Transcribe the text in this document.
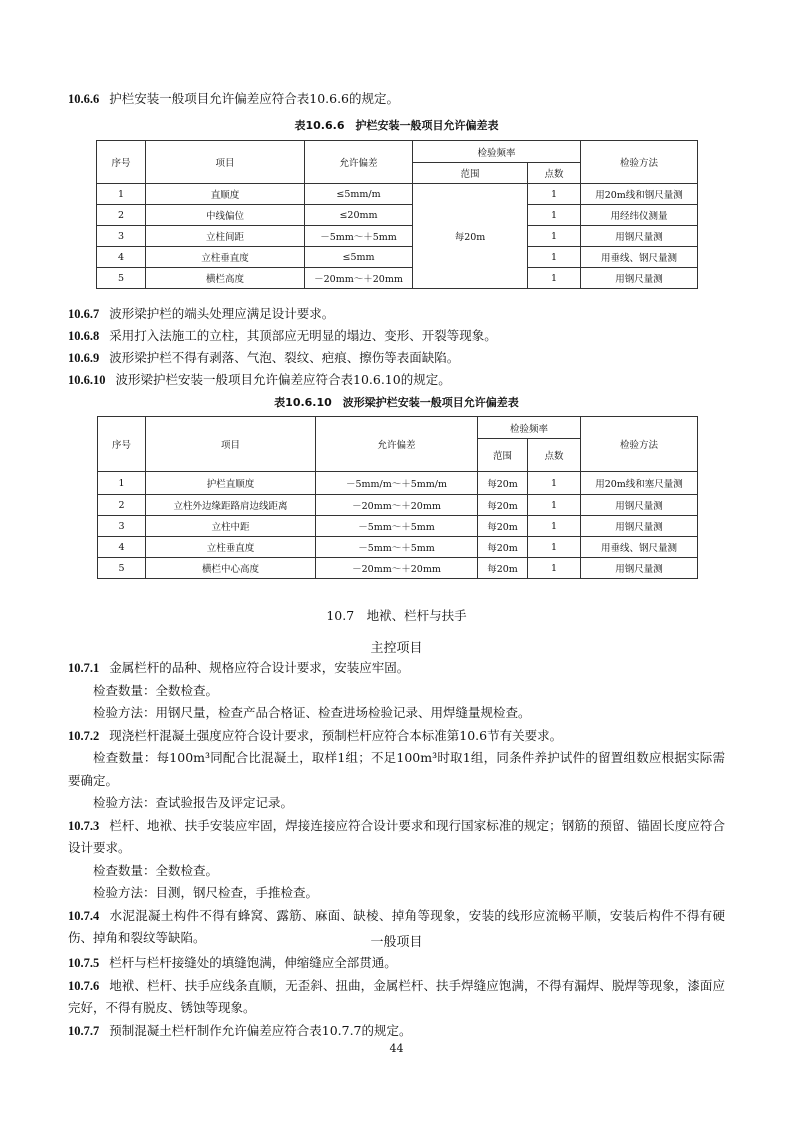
10.6.6 护栏安装一般项目允许偏差应符合表10.6.6的规定。
表10.6.6　护栏安装一般项目允许偏差表
序号	项目	允许偏差	检验频率		检验方法
			范围	点数	
1	直顺度	≤5mm/m	每20m	1	用20m线和钢尺量测
2	中线偏位	≤20mm		1	用经纬仪测量
3	立柱间距	－5mm～＋5mm		1	用钢尺量测
4	立柱垂直度	≤5mm		1	用垂线、钢尺量测
5	横栏高度	－20mm～＋20mm		1	用钢尺量测
10.6.7 波形梁护栏的端头处理应满足设计要求。
10.6.8 采用打入法施工的立柱，其顶部应无明显的塌边、变形、开裂等现象。
10.6.9 波形梁护栏不得有剥落、气泡、裂纹、疤痕、擦伤等表面缺陷。
10.6.10 波形梁护栏安装一般项目允许偏差应符合表10.6.10的规定。
表10.6.10　波形梁护栏安装一般项目允许偏差表
序号	项目	允许偏差	检验频率		检验方法
			范围	点数	
1	护栏直顺度	－5mm/m～＋5mm/m	每20m	1	用20m线和塞尺量测
2	立柱外边缘距路肩边线距离	－20mm～＋20mm	每20m	1	用钢尺量测
3	立柱中距	－5mm～＋5mm	每20m	1	用钢尺量测
4	立柱垂直度	－5mm～＋5mm	每20m	1	用垂线、钢尺量测
5	横栏中心高度	－20mm～＋20mm	每20m	1	用钢尺量测
10.7　地袱、栏杆与扶手
主控项目
10.7.1 金属栏杆的品种、规格应符合设计要求，安装应牢固。
检查数量：全数检查。
检验方法：用钢尺量，检查产品合格证、检查进场检验记录、用焊缝量规检查。
10.7.2 现浇栏杆混凝土强度应符合设计要求，预制栏杆应符合本标准第10.6节有关要求。
检查数量：每100m³同配合比混凝土，取样1组；不足100m³时取1组，同条件养护试件的留置组数应根据实际需要确定。
检验方法：查试验报告及评定记录。
10.7.3 栏杆、地袱、扶手安装应牢固，焊接连接应符合设计要求和现行国家标准的规定；钢筋的预留、锚固长度应符合设计要求。
检查数量：全数检查。
检验方法：目测，钢尺检查，手推检查。
10.7.4 水泥混凝土构件不得有蜂窝、露筋、麻面、缺棱、掉角等现象，安装的线形应流畅平顺，安装后构件不得有硬伤、掉角和裂纹等缺陷。	一般项目
10.7.5 栏杆与栏杆接缝处的填缝饱满，伸缩缝应全部贯通。
10.7.6 地袱、栏杆、扶手应线条直顺，无歪斜、扭曲，金属栏杆、扶手焊缝应饱满，不得有漏焊、脱焊等现象，漆面应完好，不得有脱皮、锈蚀等现象。
10.7.7 预制混凝土栏杆制作允许偏差应符合表10.7.7的规定。
44
